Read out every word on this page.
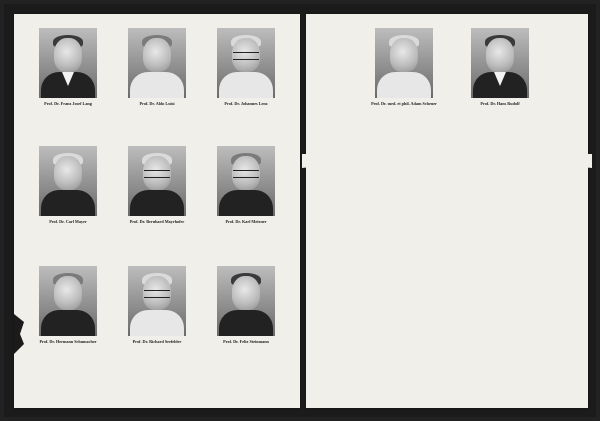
Prof. Dr. Franz Josef Lang	Prof. Dr. Aldo Luisi	Prof. Dr. Johannes Lenz
Prof. Dr. Carl Mayer	Prof. Dr. Bernhard Mayrhofer	Prof. Dr. Karl Meixner
Prof. Dr. Hermann Schumacher	Prof. Dr. Richard Seefelder	Prof. Dr. Felix Steinmann
Prof. Dr. med. et phil. Adam Scheuer	Prof. Dr. Hans Rudolf
